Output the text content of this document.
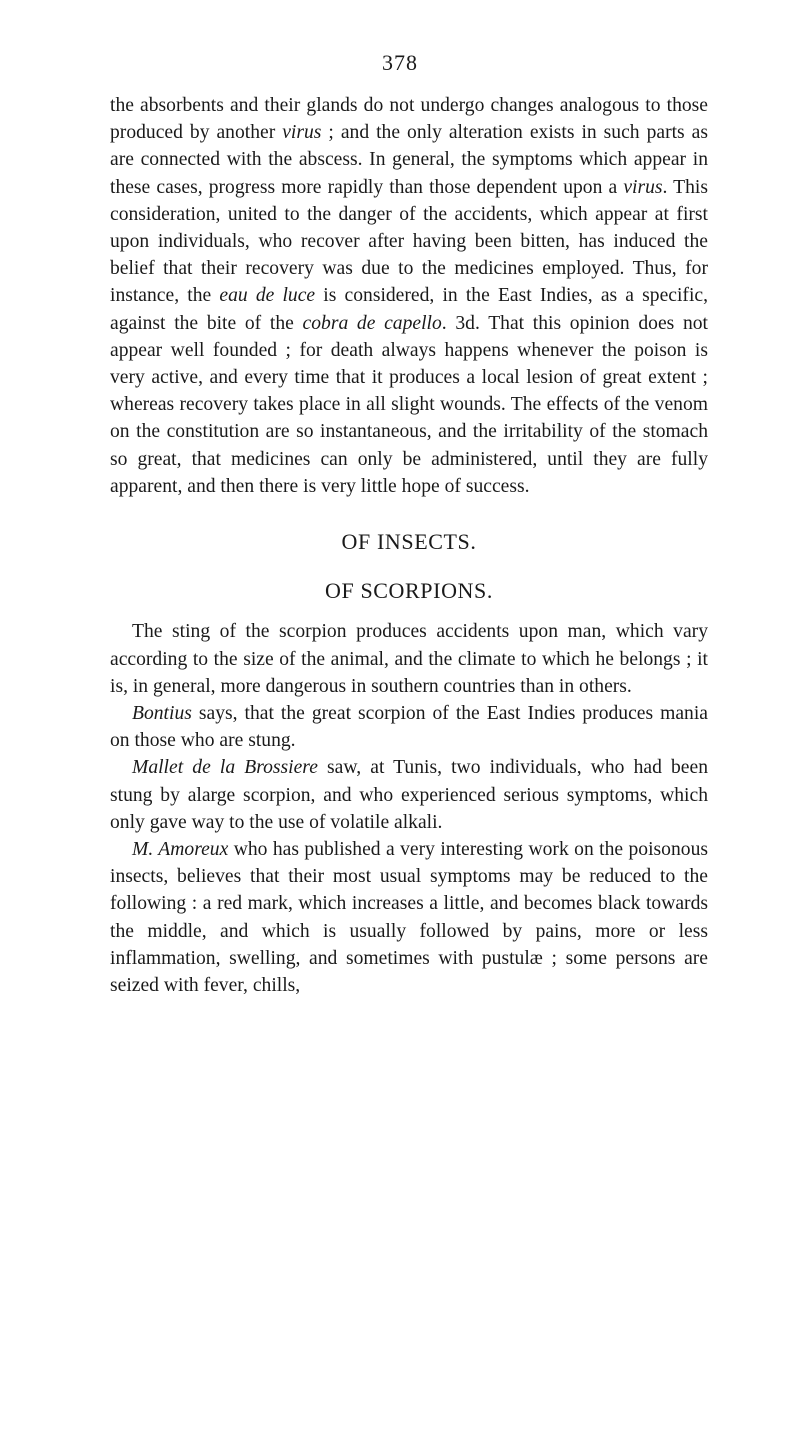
378

the absorbents and their glands do not undergo changes analogous to those produced by another virus ; and the only alteration exists in such parts as are connected with the abscess. In general, the symptoms which appear in these cases, progress more rapidly than those dependent upon a virus. This consideration, united to the danger of the accidents, which appear at first upon individuals, who recover after having been bitten, has induced the belief that their recovery was due to the medicines employed. Thus, for instance, the eau de luce is considered, in the East Indies, as a specific, against the bite of the cobra de capello. 3d. That this opinion does not appear well founded ; for death always happens whenever the poison is very active, and every time that it produces a local lesion of great extent ; whereas recovery takes place in all slight wounds. The effects of the venom on the constitution are so instantaneous, and the irritability of the stomach so great, that medicines can only be administered, until they are fully apparent, and then there is very little hope of success.

OF INSECTS.

OF SCORPIONS.

The sting of the scorpion produces accidents upon man, which vary according to the size of the animal, and the climate to which he belongs ; it is, in general, more dangerous in southern countries than in others.

Bontius says, that the great scorpion of the East Indies produces mania on those who are stung.

Mallet de la Brossiere saw, at Tunis, two individuals, who had been stung by alarge scorpion, and who experienced serious symptoms, which only gave way to the use of volatile alkali.

M. Amoreux who has published a very interesting work on the poisonous insects, believes that their most usual symptoms may be reduced to the following : a red mark, which increases a little, and becomes black towards the middle, and which is usually followed by pains, more or less inflammation, swelling, and sometimes with pustulæ ; some persons are seized with fever, chills,
